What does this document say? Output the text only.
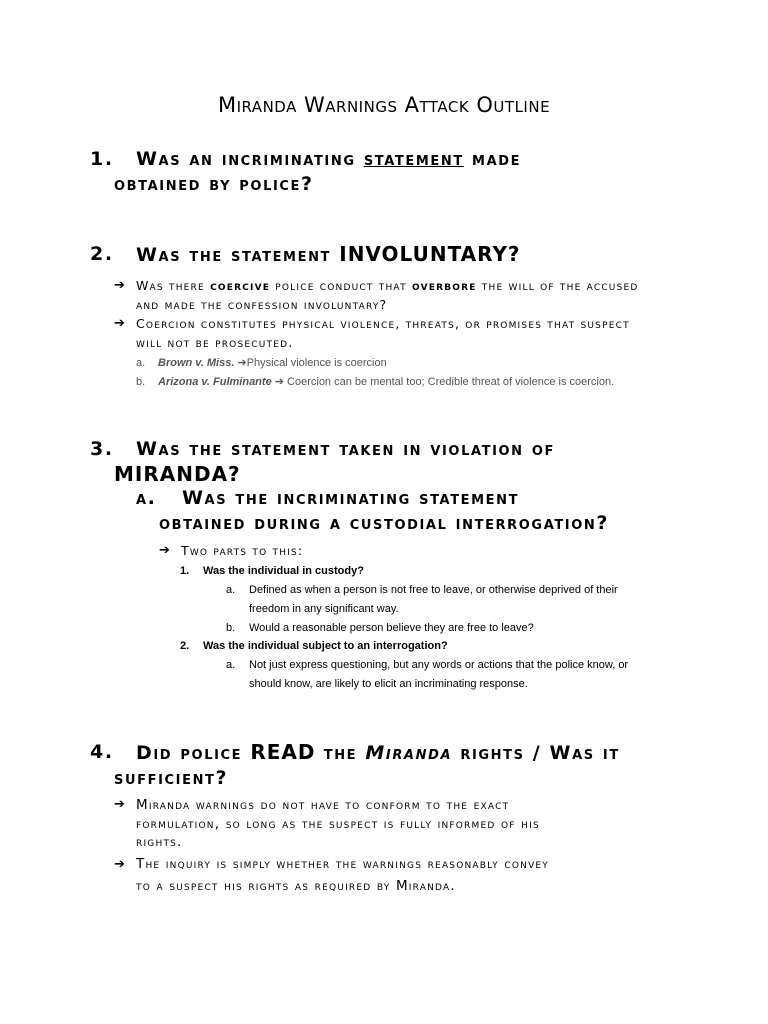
Miranda Warnings Attack Outline
1.	Was an incriminating statement made
obtained by police?
2.	Was the statement INVOLUNTARY?
➔ Was there coercive police conduct that overbore the will of the accused
and made the confession involuntary?
➔ Coercion constitutes physical violence, threats, or promises that suspect
will not be prosecuted.
a. Brown v. Miss. ➔Physical violence is coercion
b. Arizona v. Fulminante ➔ Coercion can be mental too; Credible threat of violence is coercion.
3.	Was the statement taken in violation of
MIRANDA?
a.	Was the incriminating statement
obtained during a custodial interrogation?
➔ Two parts to this:
1. Was the individual in custody?
a. Defined as when a person is not free to leave, or otherwise deprived of their
freedom in any significant way.
b. Would a reasonable person believe they are free to leave?
2. Was the individual subject to an interrogation?
a. Not just express questioning, but any words or actions that the police know, or
should know, are likely to elicit an incriminating response.
4.	Did police READ the Miranda rights / Was it
sufficient?
➔ Miranda warnings do not have to conform to the exact
formulation, so long as the suspect is fully informed of his
rights.
➔ The inquiry is simply whether the warnings reasonably convey
to a suspect his rights as required by Miranda.
